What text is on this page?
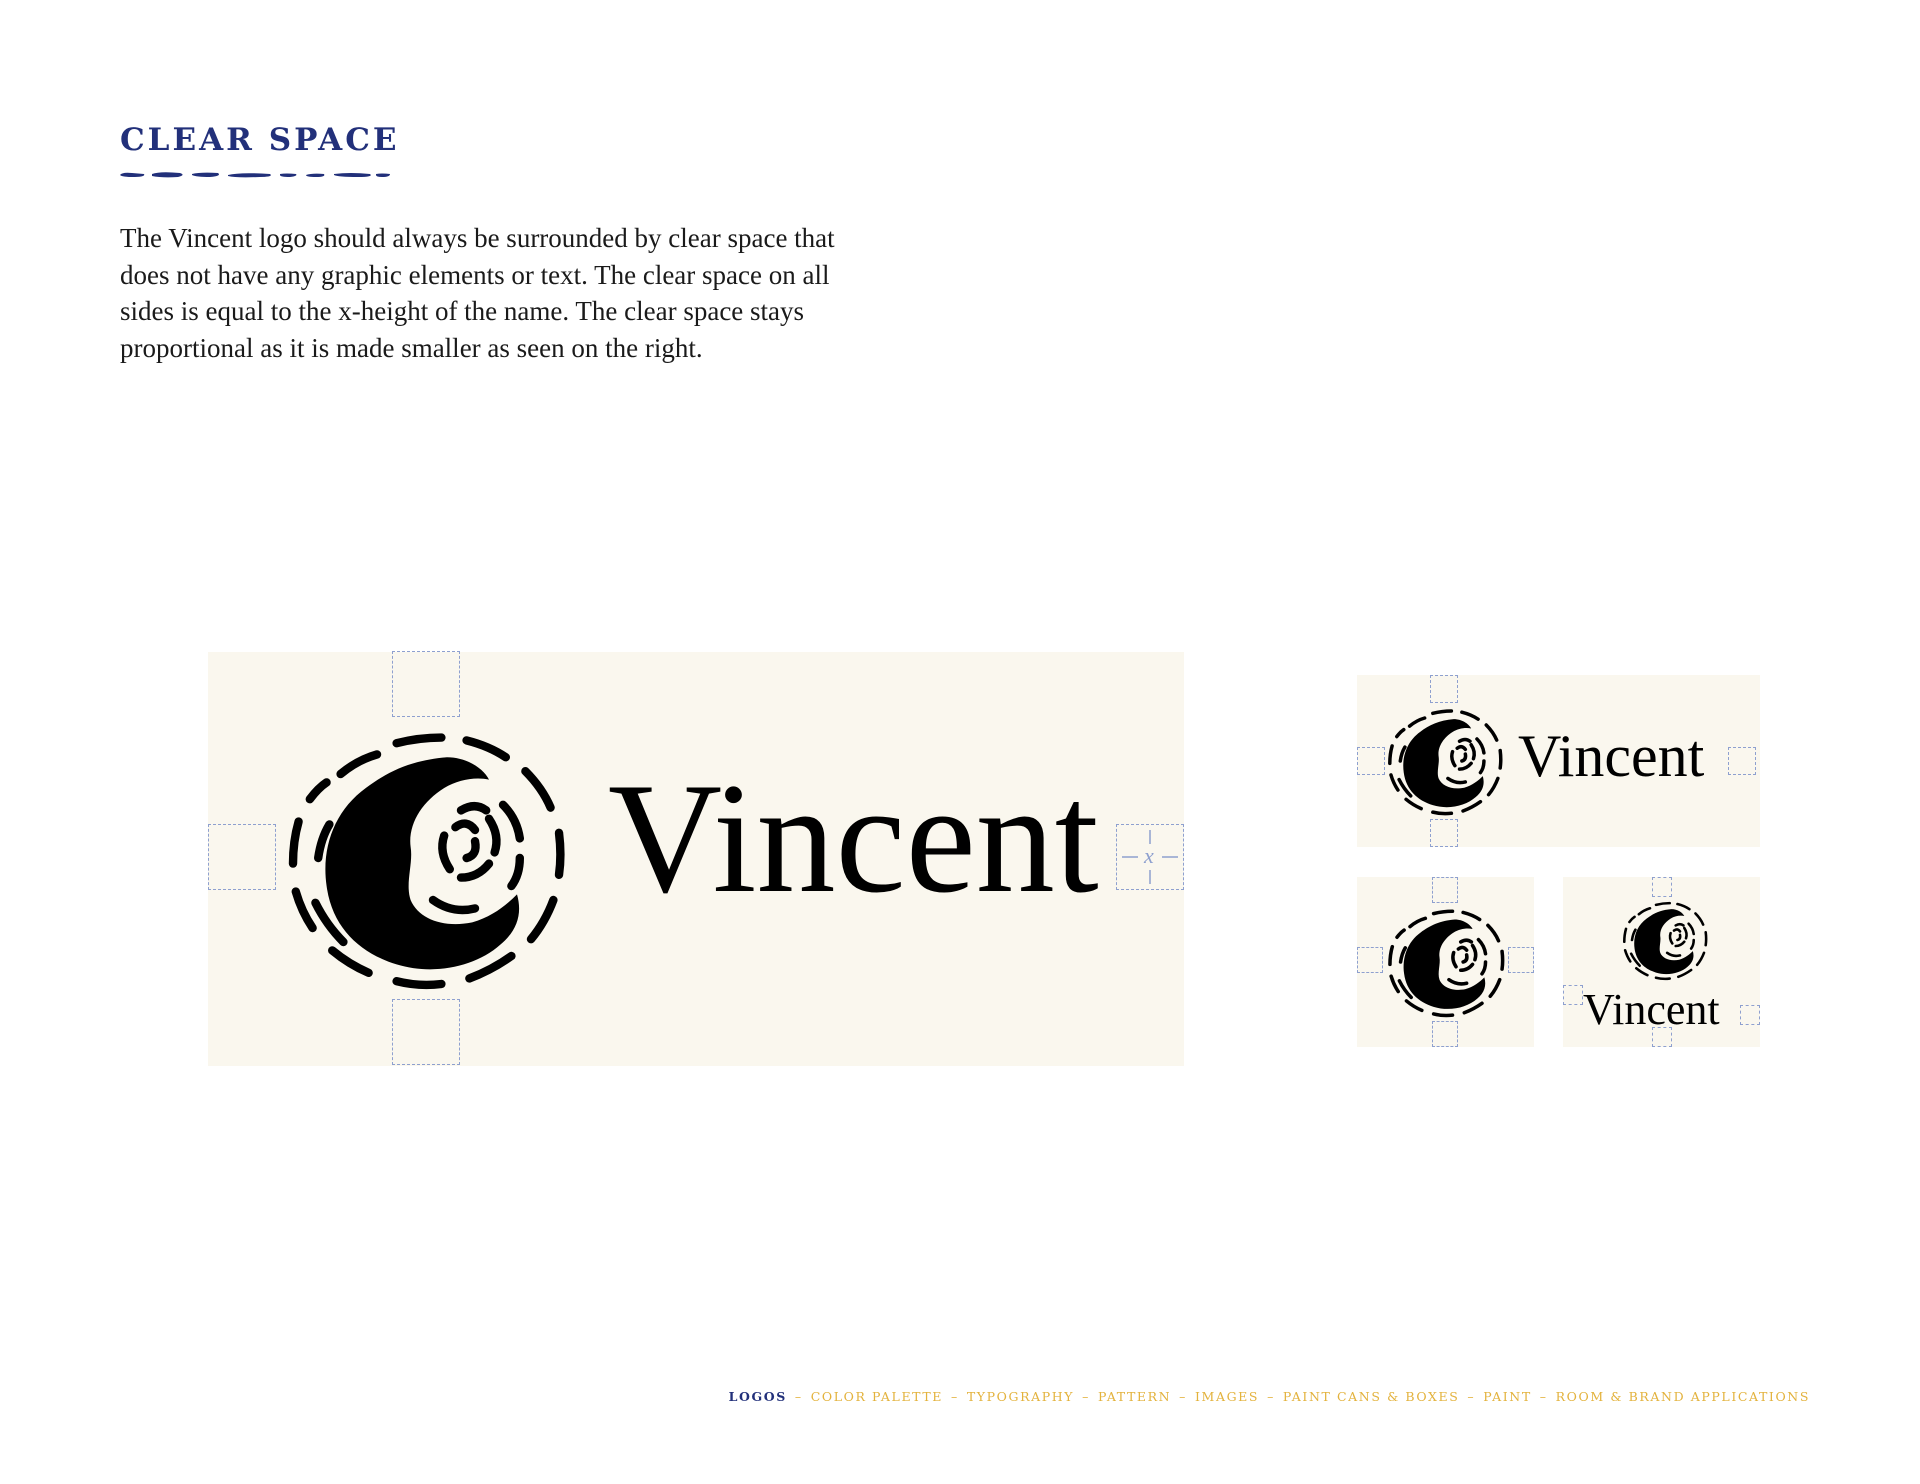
CLEAR SPACE

The Vincent logo should always be surrounded by clear space that does not have any graphic elements or text. The clear space on all sides is equal to the x-height of the name. The clear space stays proportional as it is made smaller as seen on the right.

x
Vincent	Vincent
Vincent
LOGOS – COLOR PALETTE – TYPOGRAPHY – PATTERN – IMAGES – PAINT CANS & BOXES – PAINT – ROOM & BRAND APPLICATIONS
